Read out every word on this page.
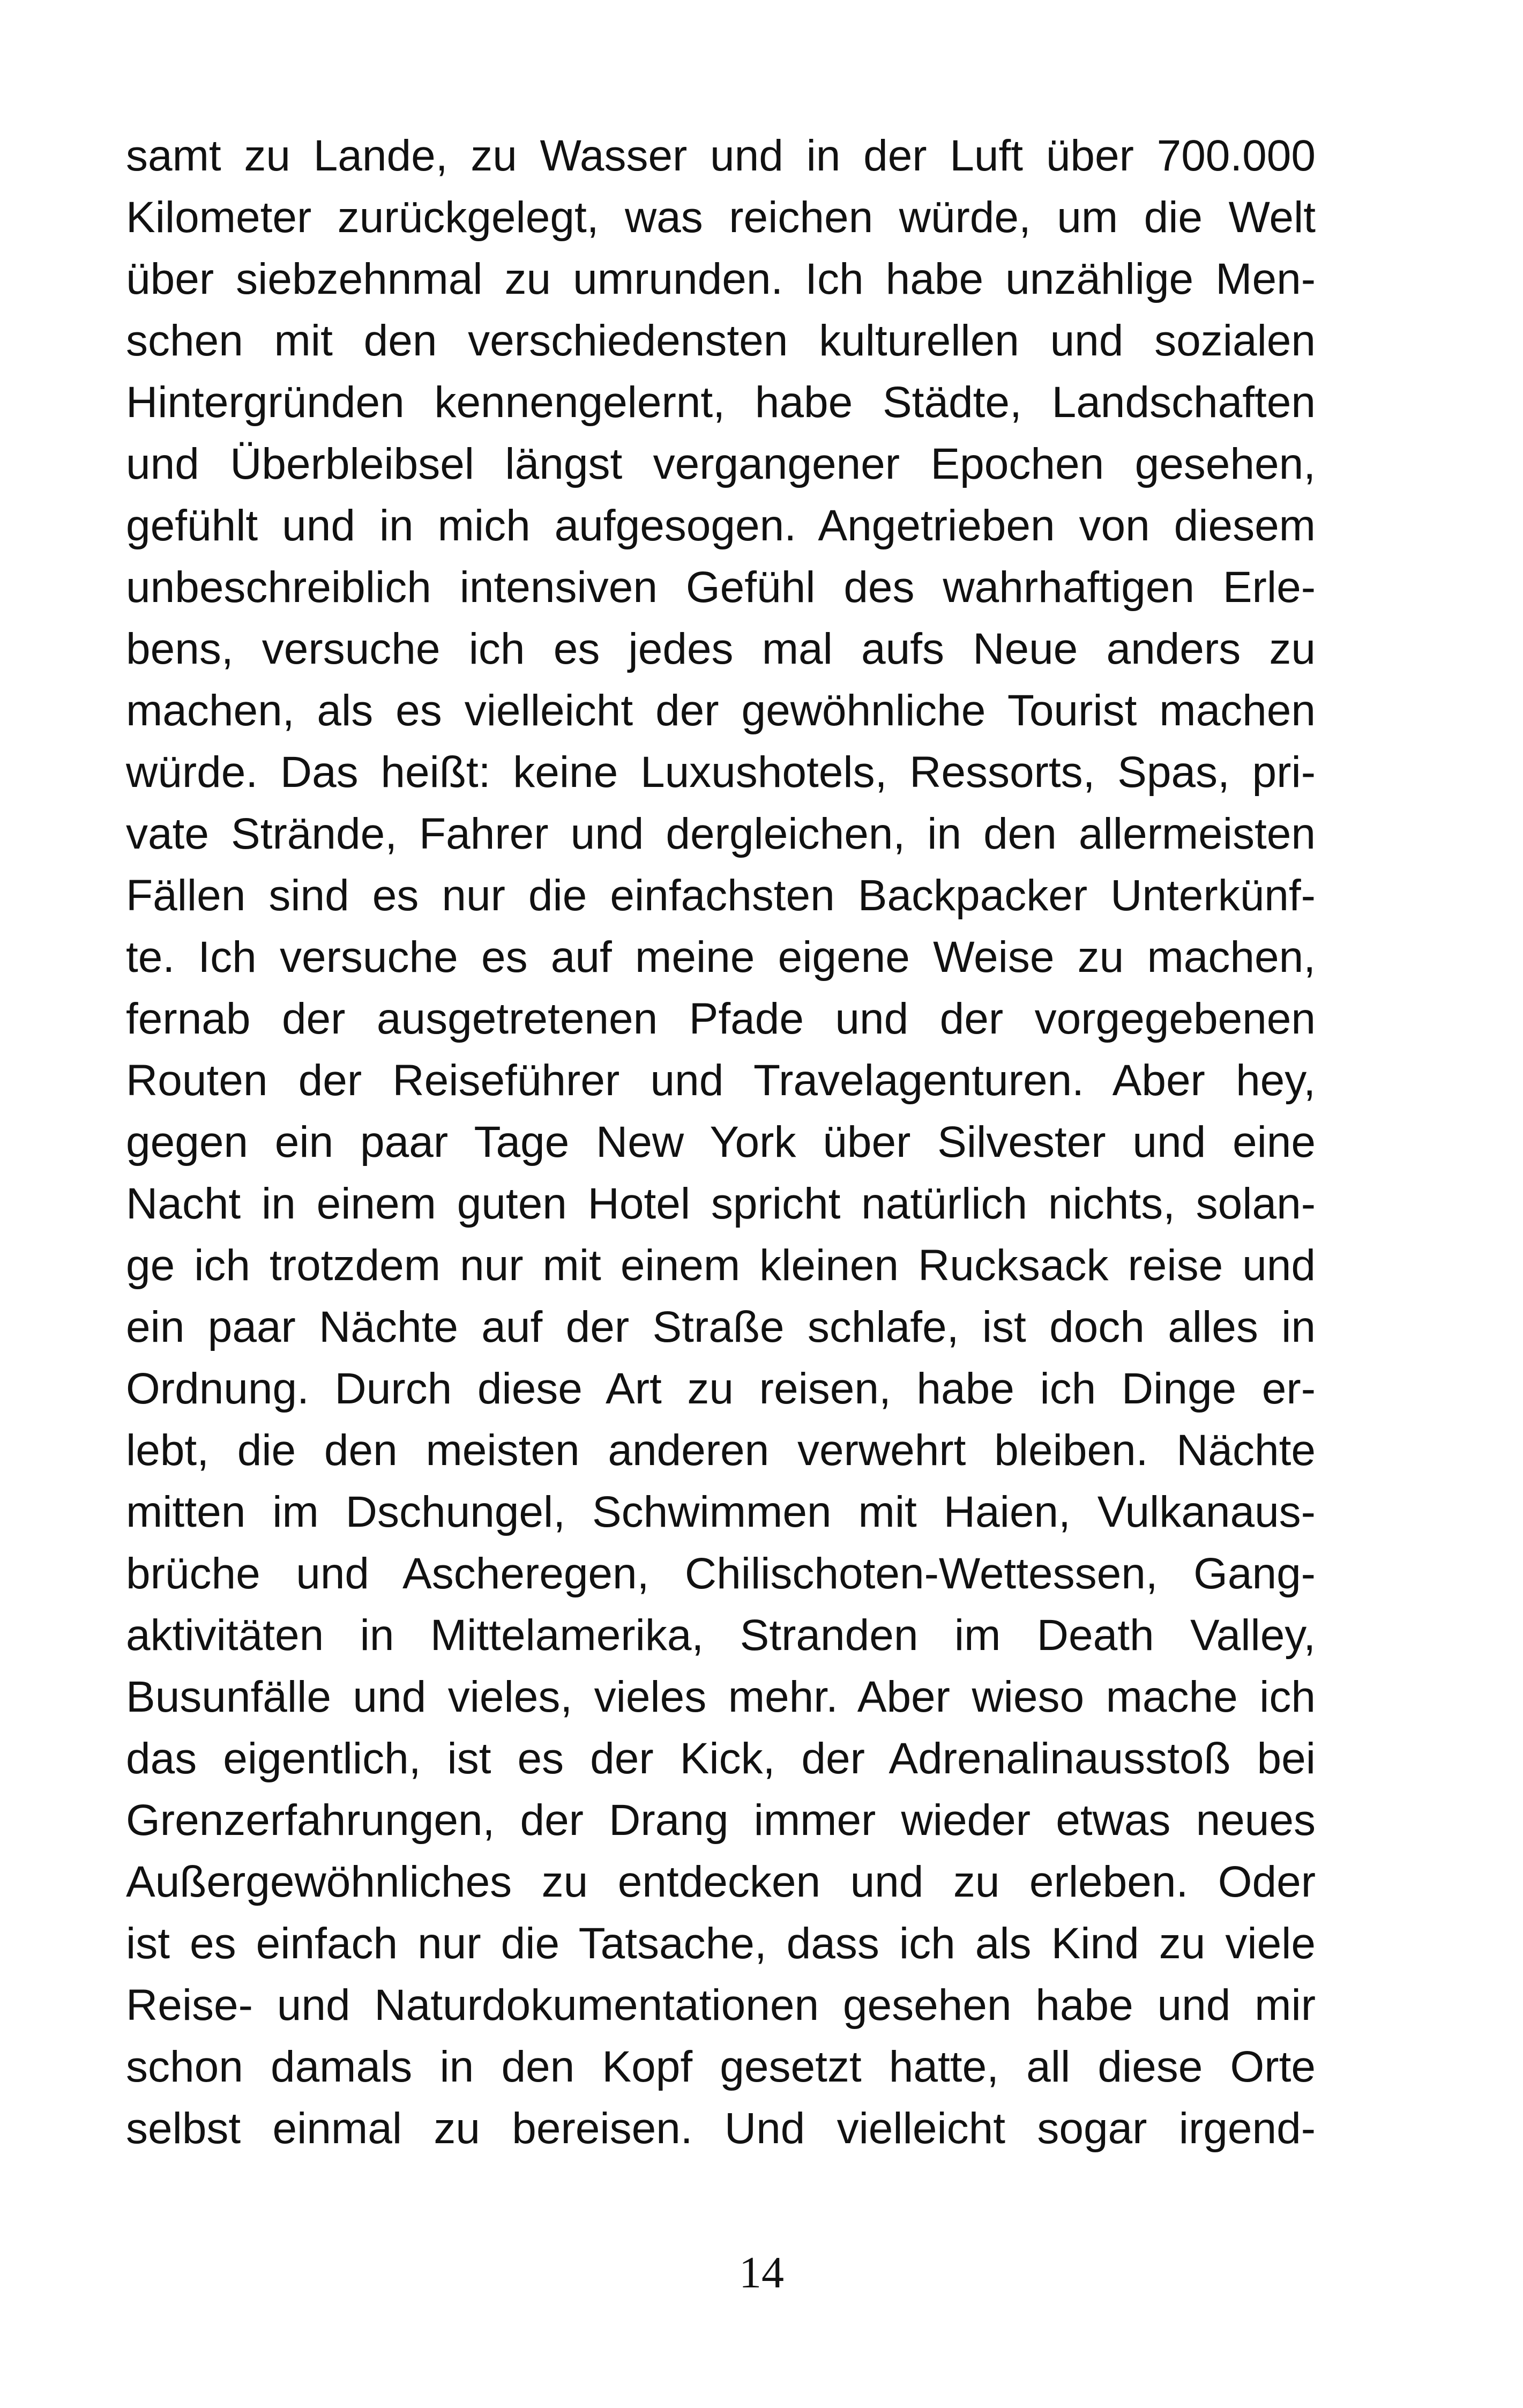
samt zu Lande, zu Wasser und in der Luft über 700.000
Kilometer zurückgelegt, was reichen würde, um die Welt
über siebzehnmal zu umrunden. Ich habe unzählige Men-
schen mit den verschiedensten kulturellen und sozialen
Hintergründen kennengelernt, habe Städte, Landschaften
und Überbleibsel längst vergangener Epochen gesehen,
gefühlt und in mich aufgesogen. Angetrieben von diesem
unbeschreiblich intensiven Gefühl des wahrhaftigen Erle-
bens, versuche ich es jedes mal aufs Neue anders zu
machen, als es vielleicht der gewöhnliche Tourist machen
würde. Das heißt: keine Luxushotels, Ressorts, Spas, pri-
vate Strände, Fahrer und dergleichen, in den allermeisten
Fällen sind es nur die einfachsten Backpacker Unterkünf-
te. Ich versuche es auf meine eigene Weise zu machen,
fernab der ausgetretenen Pfade und der vorgegebenen
Routen der Reiseführer und Travelagenturen. Aber hey,
gegen ein paar Tage New York über Silvester und eine
Nacht in einem guten Hotel spricht natürlich nichts, solan-
ge ich trotzdem nur mit einem kleinen Rucksack reise und
ein paar Nächte auf der Straße schlafe, ist doch alles in
Ordnung. Durch diese Art zu reisen, habe ich Dinge er-
lebt, die den meisten anderen verwehrt bleiben. Nächte
mitten im Dschungel, Schwimmen mit Haien, Vulkanaus-
brüche und Ascheregen, Chilischoten-Wettessen, Gang-
aktivitäten in Mittelamerika, Stranden im Death Valley,
Busunfälle und vieles, vieles mehr. Aber wieso mache ich
das eigentlich, ist es der Kick, der Adrenalinausstoß bei
Grenzerfahrungen, der Drang immer wieder etwas neues
Außergewöhnliches zu entdecken und zu erleben. Oder
ist es einfach nur die Tatsache, dass ich als Kind zu viele
Reise- und Naturdokumentationen gesehen habe und mir
schon damals in den Kopf gesetzt hatte, all diese Orte
selbst einmal zu bereisen. Und vielleicht sogar irgend-
14
